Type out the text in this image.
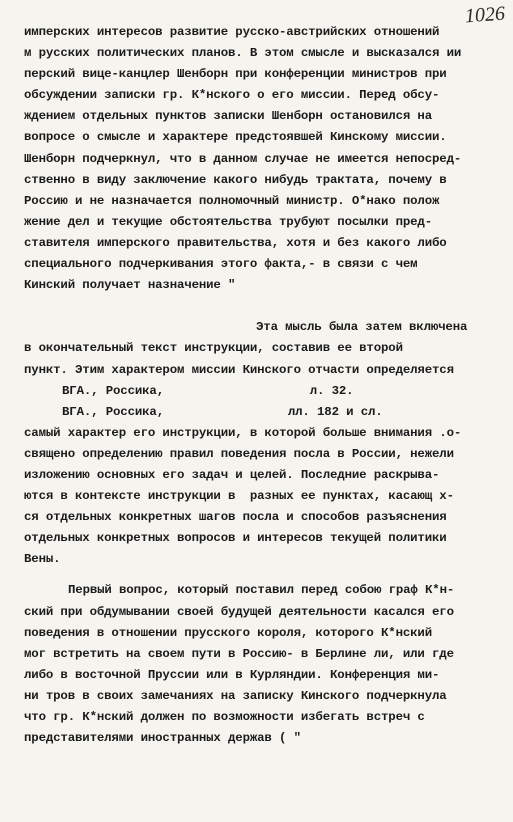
1026
имперских интересов развитие русско-австрийских отношений
м русских политических планов. В этом смысле и высказался ии
перский вице-канцлер Шенборн при конференции министров при
обсуждении записки гр. К*нского о его миссии. Перед обсу-
ждением отдельных пунктов записки Шенборн остановился на
вопросе о смысле и характере предстоявшей Кинскому миссии.
Шенборн подчеркнул, что в данном случае не имеется непосред-
ственно в виду заключение какого нибудь трактата, почему в
Россию и не назначается полномочный министр. О*нако полож
жение дел и текущие обстоятельства трубуют посылки пред-
ставителя имперского правительства, хотя и без какого либо
специального подчеркивания этого факта,- в связи с чем
Кинский получает назначение "
Эта мысль была затем включена
в окончательный текст инструкции, составив ее второй
пункт. Этим характером миссии Кинского отчасти определяется
ВГА., Россика,                    л. 32.
ВГА., Россика,                 лл. 182 и сл.
самый характер его инструкции, в которой больше внимания .о-
священо определению правил поведения посла в России, нежели
изложению основных его задач и целей. Последние раскрыва-
ются в контексте инструкции в  разных ее пунктах, касающ х-
ся отдельных конкретных шагов посла и способов разъяснения
отдельных конкретных вопросов и интересов текущей политики
Вены.
Первый вопрос, который поставил перед собою граф К*н-
ский при обдумывании своей будущей деятельности касался его
поведения в отношении прусского короля, которого К*нский
мог встретить на своем пути в Россию- в Берлине ли, или где
либо в восточной Пруссии или в Курляндии. Конференция ми-
ни тров в своих замечаниях на записку Кинского подчеркнула
что гр. К*нский должен по возможности избегать встреч с
представителями иностранных держав ( "
